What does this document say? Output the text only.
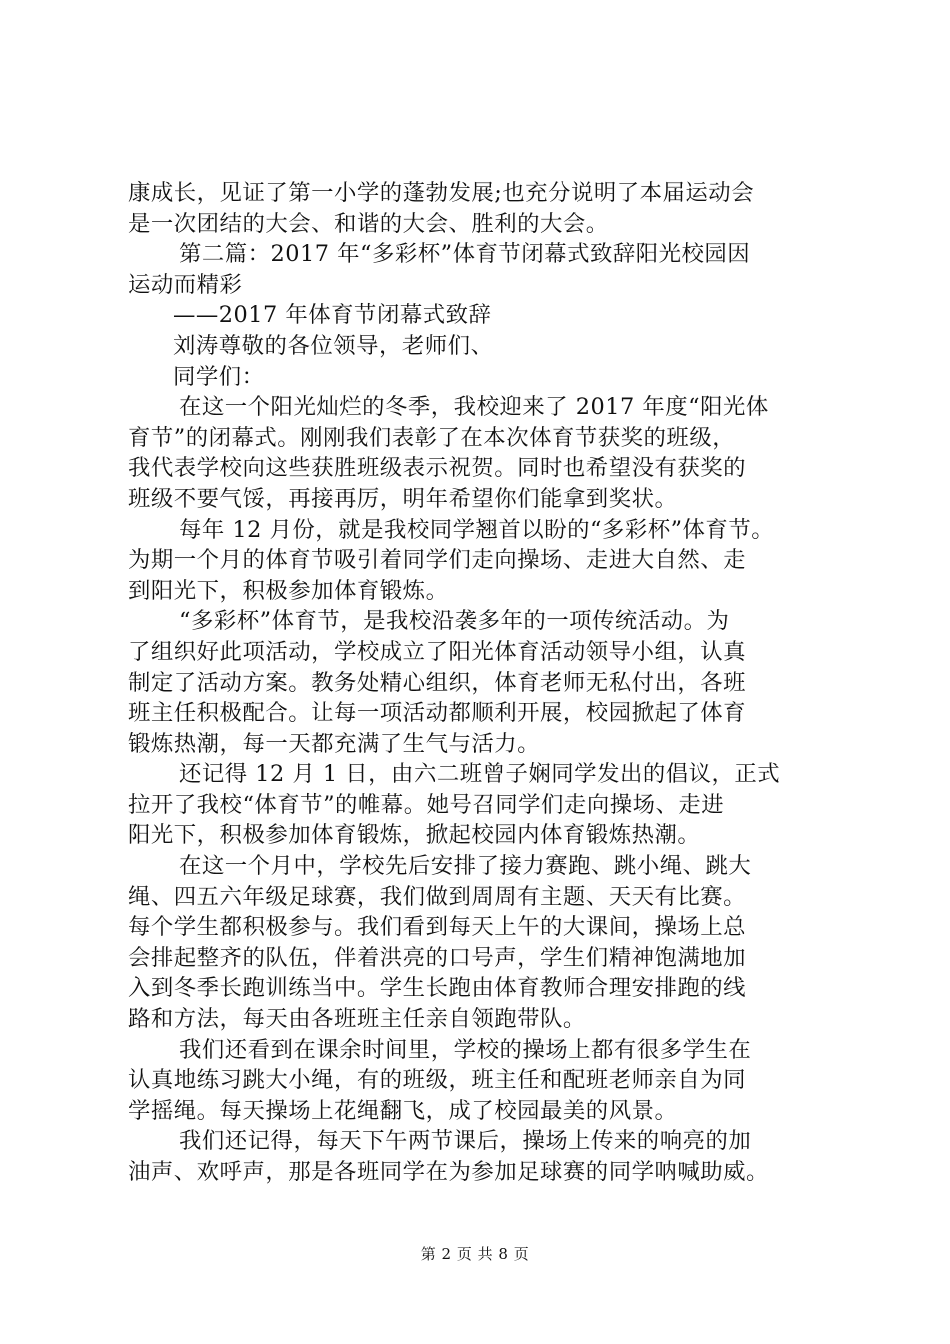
康成长，见证了第一小学的蓬勃发展;也充分说明了本届运动会
是一次团结的大会、和谐的大会、胜利的大会。
第二篇：2017 年“多彩杯”体育节闭幕式致辞阳光校园因
运动而精彩
——2017 年体育节闭幕式致辞
刘涛尊敬的各位领导，老师们、
同学们：
在这一个阳光灿烂的冬季，我校迎来了 2017 年度“阳光体
育节”的闭幕式。刚刚我们表彰了在本次体育节获奖的班级，
我代表学校向这些获胜班级表示祝贺。同时也希望没有获奖的
班级不要气馁，再接再厉，明年希望你们能拿到奖状。
每年 12 月份，就是我校同学翘首以盼的“多彩杯”体育节。
为期一个月的体育节吸引着同学们走向操场、走进大自然、走
到阳光下，积极参加体育锻炼。
“多彩杯”体育节，是我校沿袭多年的一项传统活动。为
了组织好此项活动，学校成立了阳光体育活动领导小组，认真
制定了活动方案。教务处精心组织，体育老师无私付出，各班
班主任积极配合。让每一项活动都顺利开展，校园掀起了体育
锻炼热潮，每一天都充满了生气与活力。
还记得 12 月 1 日，由六二班曾子娴同学发出的倡议，正式
拉开了我校“体育节”的帷幕。她号召同学们走向操场、走进
阳光下，积极参加体育锻炼，掀起校园内体育锻炼热潮。
在这一个月中，学校先后安排了接力赛跑、跳小绳、跳大
绳、四五六年级足球赛，我们做到周周有主题、天天有比赛。
每个学生都积极参与。我们看到每天上午的大课间，操场上总
会排起整齐的队伍，伴着洪亮的口号声，学生们精神饱满地加
入到冬季长跑训练当中。学生长跑由体育教师合理安排跑的线
路和方法，每天由各班班主任亲自领跑带队。
我们还看到在课余时间里，学校的操场上都有很多学生在
认真地练习跳大小绳，有的班级，班主任和配班老师亲自为同
学摇绳。每天操场上花绳翻飞，成了校园最美的风景。
我们还记得，每天下午两节课后，操场上传来的响亮的加
油声、欢呼声，那是各班同学在为参加足球赛的同学呐喊助威。
第 2 页 共 8 页
